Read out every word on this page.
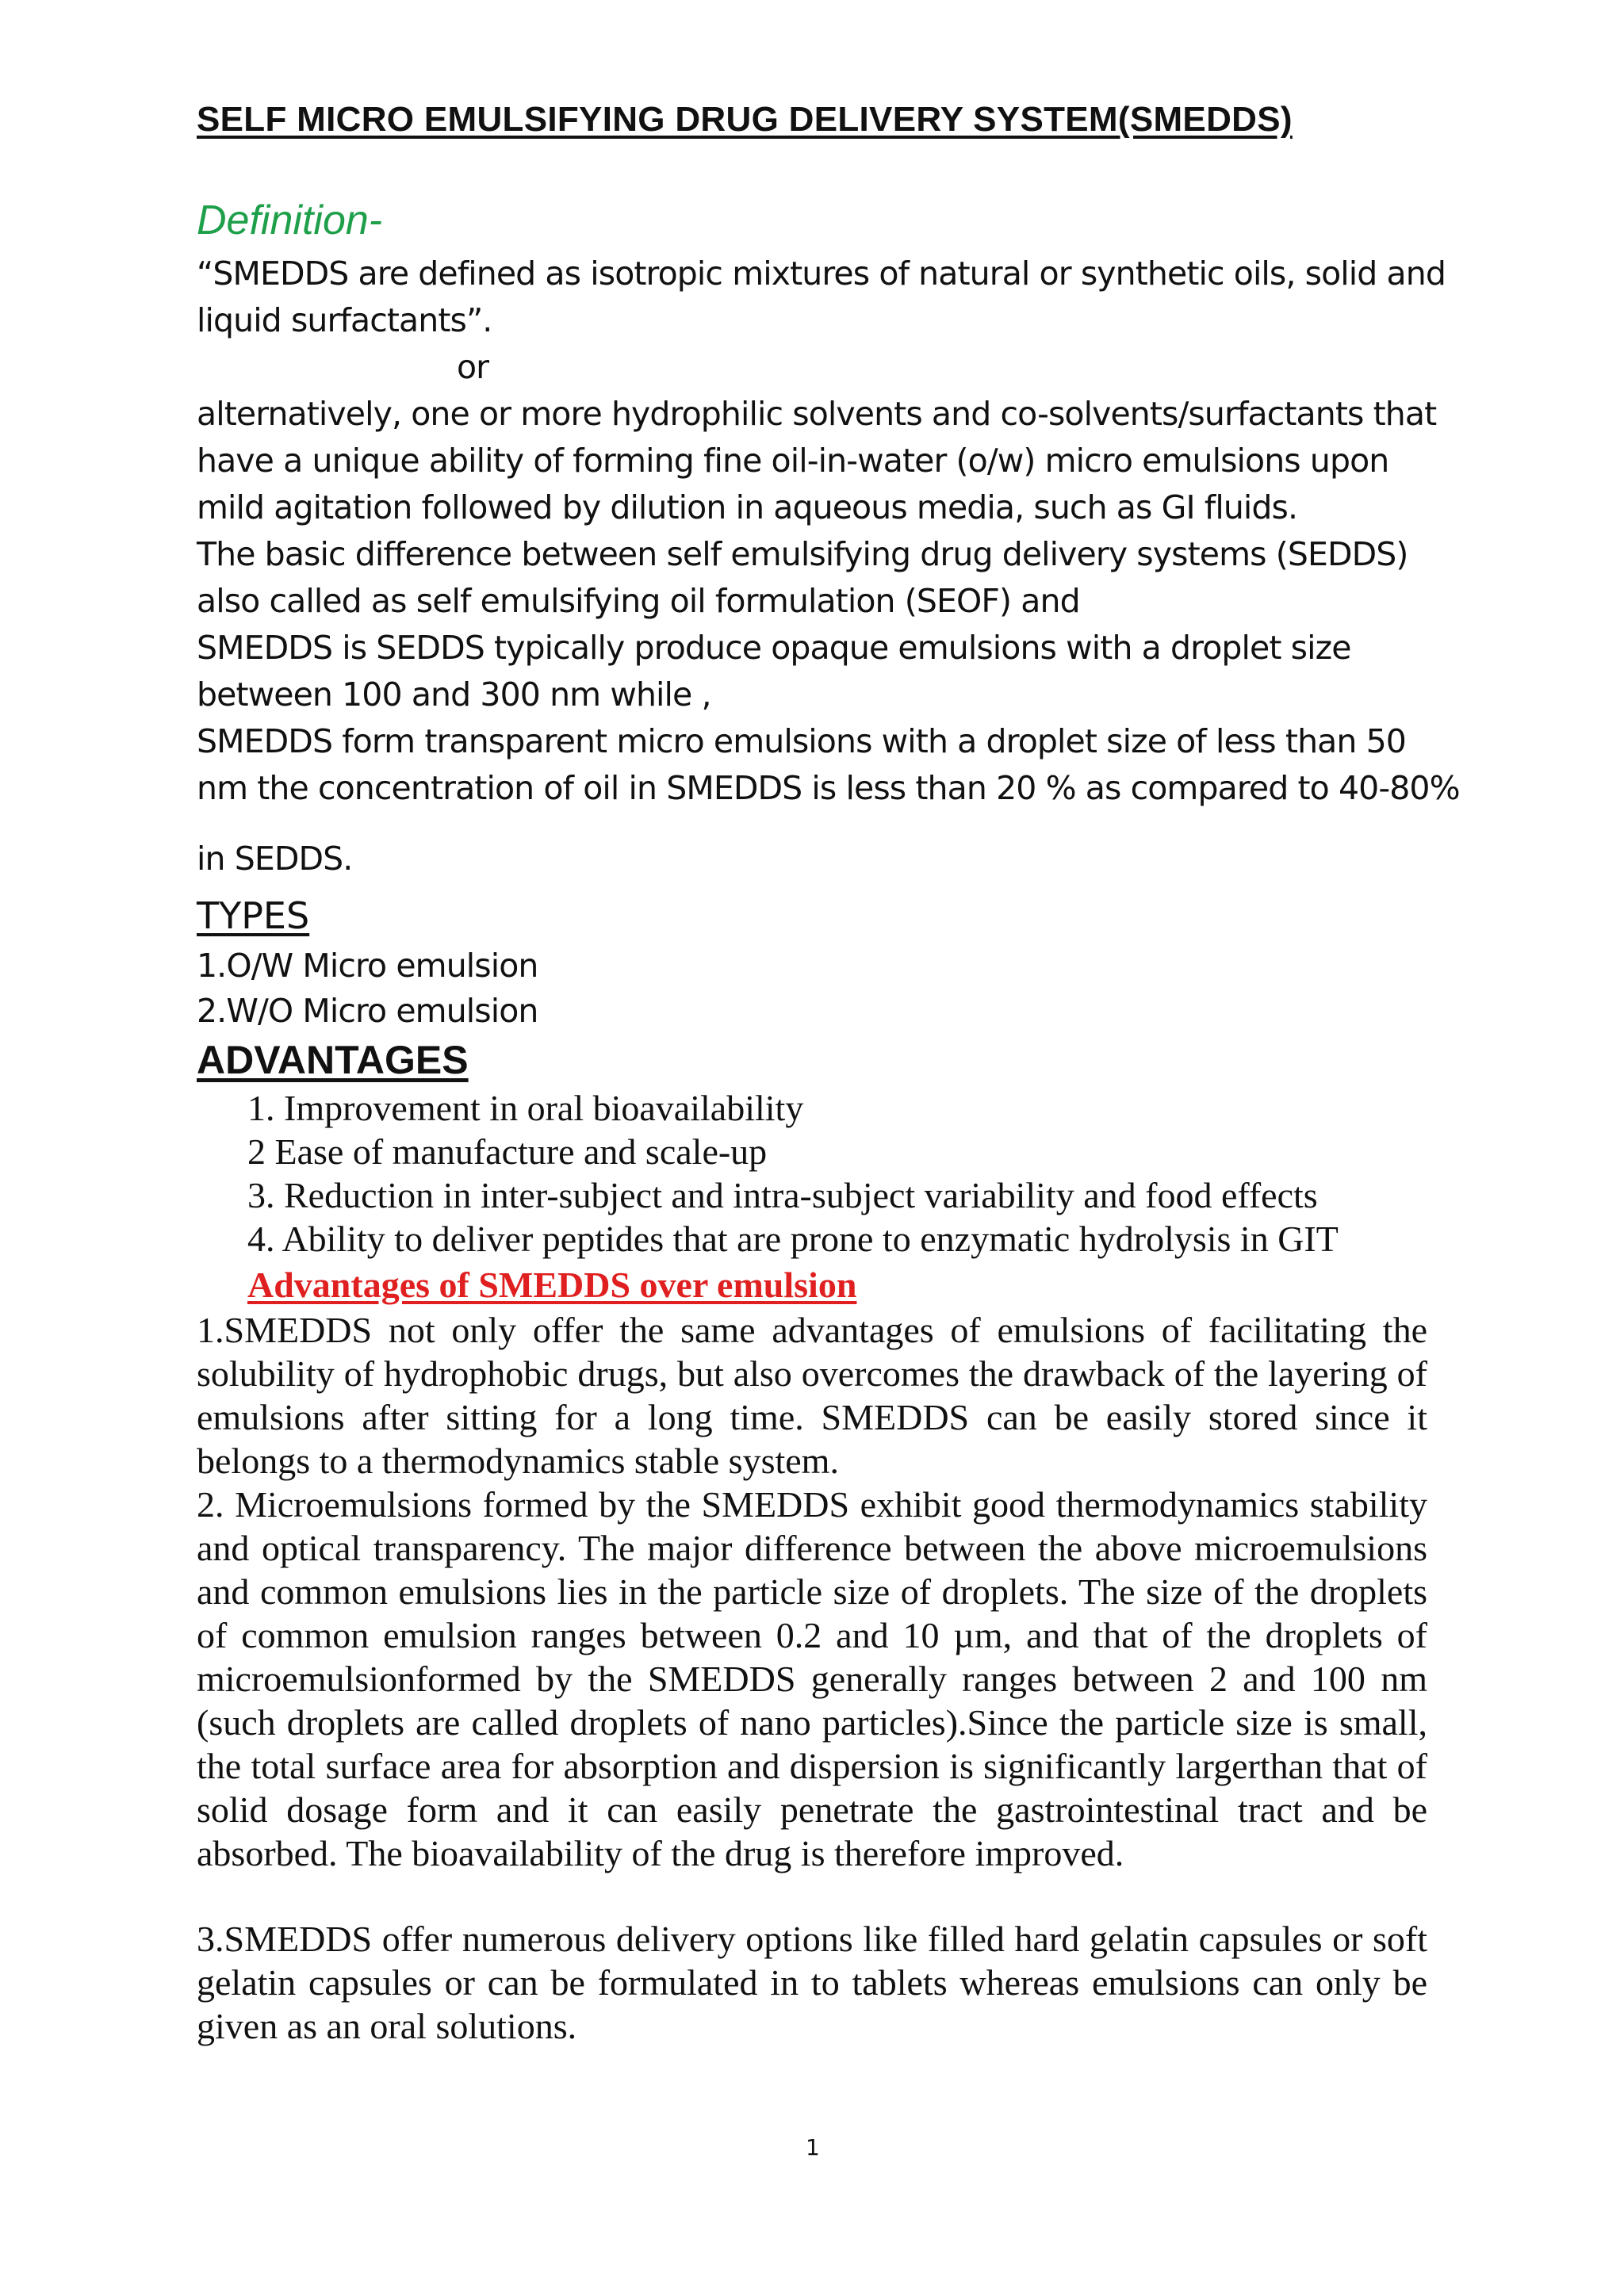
SELF MICRO EMULSIFYING DRUG DELIVERY SYSTEM(SMEDDS)
Definition-
“SMEDDS are defined as isotropic mixtures of natural or synthetic oils, solid and
liquid surfactants”.
or
alternatively, one or more hydrophilic solvents and co-solvents/surfactants that
have a unique ability of forming fine oil-in-water (o/w) micro emulsions upon
mild agitation followed by dilution in aqueous media, such as GI fluids.
The basic difference between self emulsifying drug delivery systems (SEDDS)
also called as self emulsifying oil formulation (SEOF) and
SMEDDS is SEDDS typically produce opaque emulsions with a droplet size
between 100 and 300 nm while ,
SMEDDS form transparent micro emulsions with a droplet size of less than 50
nm the concentration of oil in SMEDDS is less than 20 % as compared to 40-80%
in SEDDS.
TYPES
1.O/W Micro emulsion
2.W/O Micro emulsion
ADVANTAGES
1. Improvement in oral bioavailability
2 Ease of manufacture and scale-up
3. Reduction in inter-subject and intra-subject variability and food effects
4. Ability to deliver peptides that are prone to enzymatic hydrolysis in GIT
Advantages of SMEDDS over emulsion
1.SMEDDS not only offer the same advantages of emulsions of facilitating the solubility of hydrophobic drugs, but also overcomes the drawback of the layering of emulsions after sitting for a long time. SMEDDS can be easily stored since it belongs to a thermodynamics stable system.
2. Microemulsions formed by the SMEDDS exhibit good thermodynamics stability and optical transparency. The major difference between the above microemulsions and common emulsions lies in the particle size of droplets. The size of the droplets of common emulsion ranges between 0.2 and 10 µm, and that of the droplets of microemulsionformed by the SMEDDS generally ranges between 2 and 100 nm (such droplets are called droplets of nano particles).Since the particle size is small, the total surface area for absorption and dispersion is significantly largerthan that of solid dosage form and it can easily penetrate the gastrointestinal tract and be absorbed. The bioavailability of the drug is therefore improved.
3.SMEDDS offer numerous delivery options like filled hard gelatin capsules or soft gelatin capsules or can be formulated in to tablets whereas emulsions can only be given as an oral solutions.
1
